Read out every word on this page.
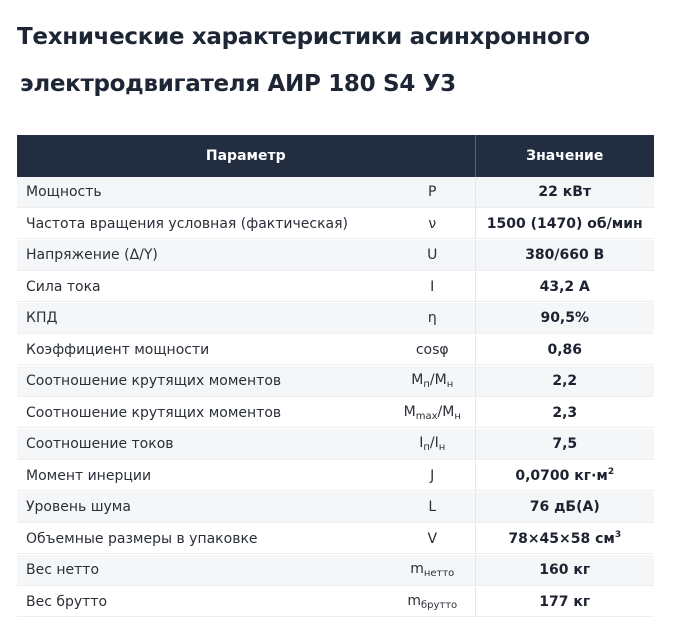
Технические характеристики асинхронного
электродвигателя АИР 180 S4 У3
Параметр		Значение
Мощность	P	22 кВт
Частота вращения условная (фактическая)	ν	1500 (1470) об/мин
Напряжение (Δ/Y)	U	380/660 В
Сила тока	I	43,2 А
КПД	η	90,5%
Коэффициент мощности	cosφ	0,86
Соотношение крутящих моментов	$M_п/M_н$	2,2
Соотношение крутящих моментов	$M_{max}/M_н$	2,3
Соотношение токов	$I_п/I_н$	7,5
Момент инерции	J	0,0700 $кг\cdot м^2$
Уровень шума	L	76 дБ(А)
Объемные размеры в упаковке	V	78×45×58 $см^3$
Вес нетто	$m_{нетто}$	160 кг
Вес брутто	$m_{брутто}$	177 кг
